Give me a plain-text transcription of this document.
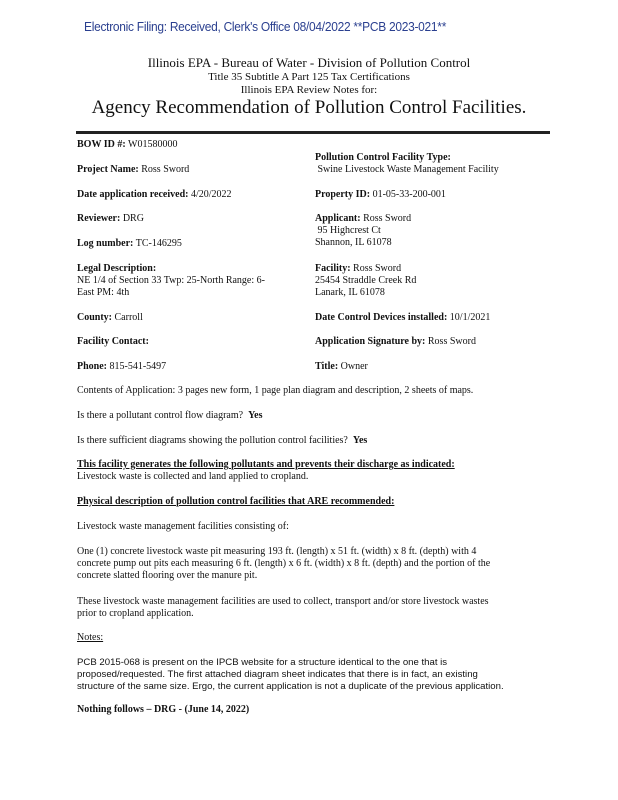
Electronic Filing: Received, Clerk's Office 08/04/2022 **PCB 2023-021**
Illinois EPA - Bureau of Water - Division of Pollution Control
Title 35 Subtitle A Part 125 Tax Certifications
Illinois EPA Review Notes for:
Agency Recommendation of Pollution Control Facilities.
BOW ID #: W01580000
Project Name: Ross Sword
Date application received: 4/20/2022
Reviewer: DRG
Log number: TC-146295
Legal Description:
NE 1/4 of Section 33 Twp: 25-North Range: 6-
East PM: 4th
County: Carroll
Facility Contact:
Phone: 815-541-5497
Pollution Control Facility Type:
Swine Livestock Waste Management Facility
Property ID: 01-05-33-200-001
Applicant: Ross Sword
95 Highcrest Ct
Shannon, IL 61078
Facility: Ross Sword
25454 Straddle Creek Rd
Lanark, IL 61078
Date Control Devices installed: 10/1/2021
Application Signature by: Ross Sword
Title: Owner
Contents of Application: 3 pages new form, 1 page plan diagram and description, 2 sheets of maps.
Is there a pollutant control flow diagram? Yes
Is there sufficient diagrams showing the pollution control facilities? Yes
This facility generates the following pollutants and prevents their discharge as indicated:
Livestock waste is collected and land applied to cropland.
Physical description of pollution control facilities that ARE recommended:
Livestock waste management facilities consisting of:
One (1) concrete livestock waste pit measuring 193 ft. (length) x 51 ft. (width) x 8 ft. (depth) with 4
concrete pump out pits each measuring 6 ft. (length) x 6 ft. (width) x 8 ft. (depth) and the portion of the
concrete slatted flooring over the manure pit.
These livestock waste management facilities are used to collect, transport and/or store livestock wastes
prior to cropland application.
Notes:
PCB 2015-068 is present on the IPCB website for a structure identical to the one that is
proposed/requested. The first attached diagram sheet indicates that there is in fact, an existing
structure of the same size. Ergo, the current application is not a duplicate of the previous application.
Nothing follows – DRG - (June 14, 2022)
